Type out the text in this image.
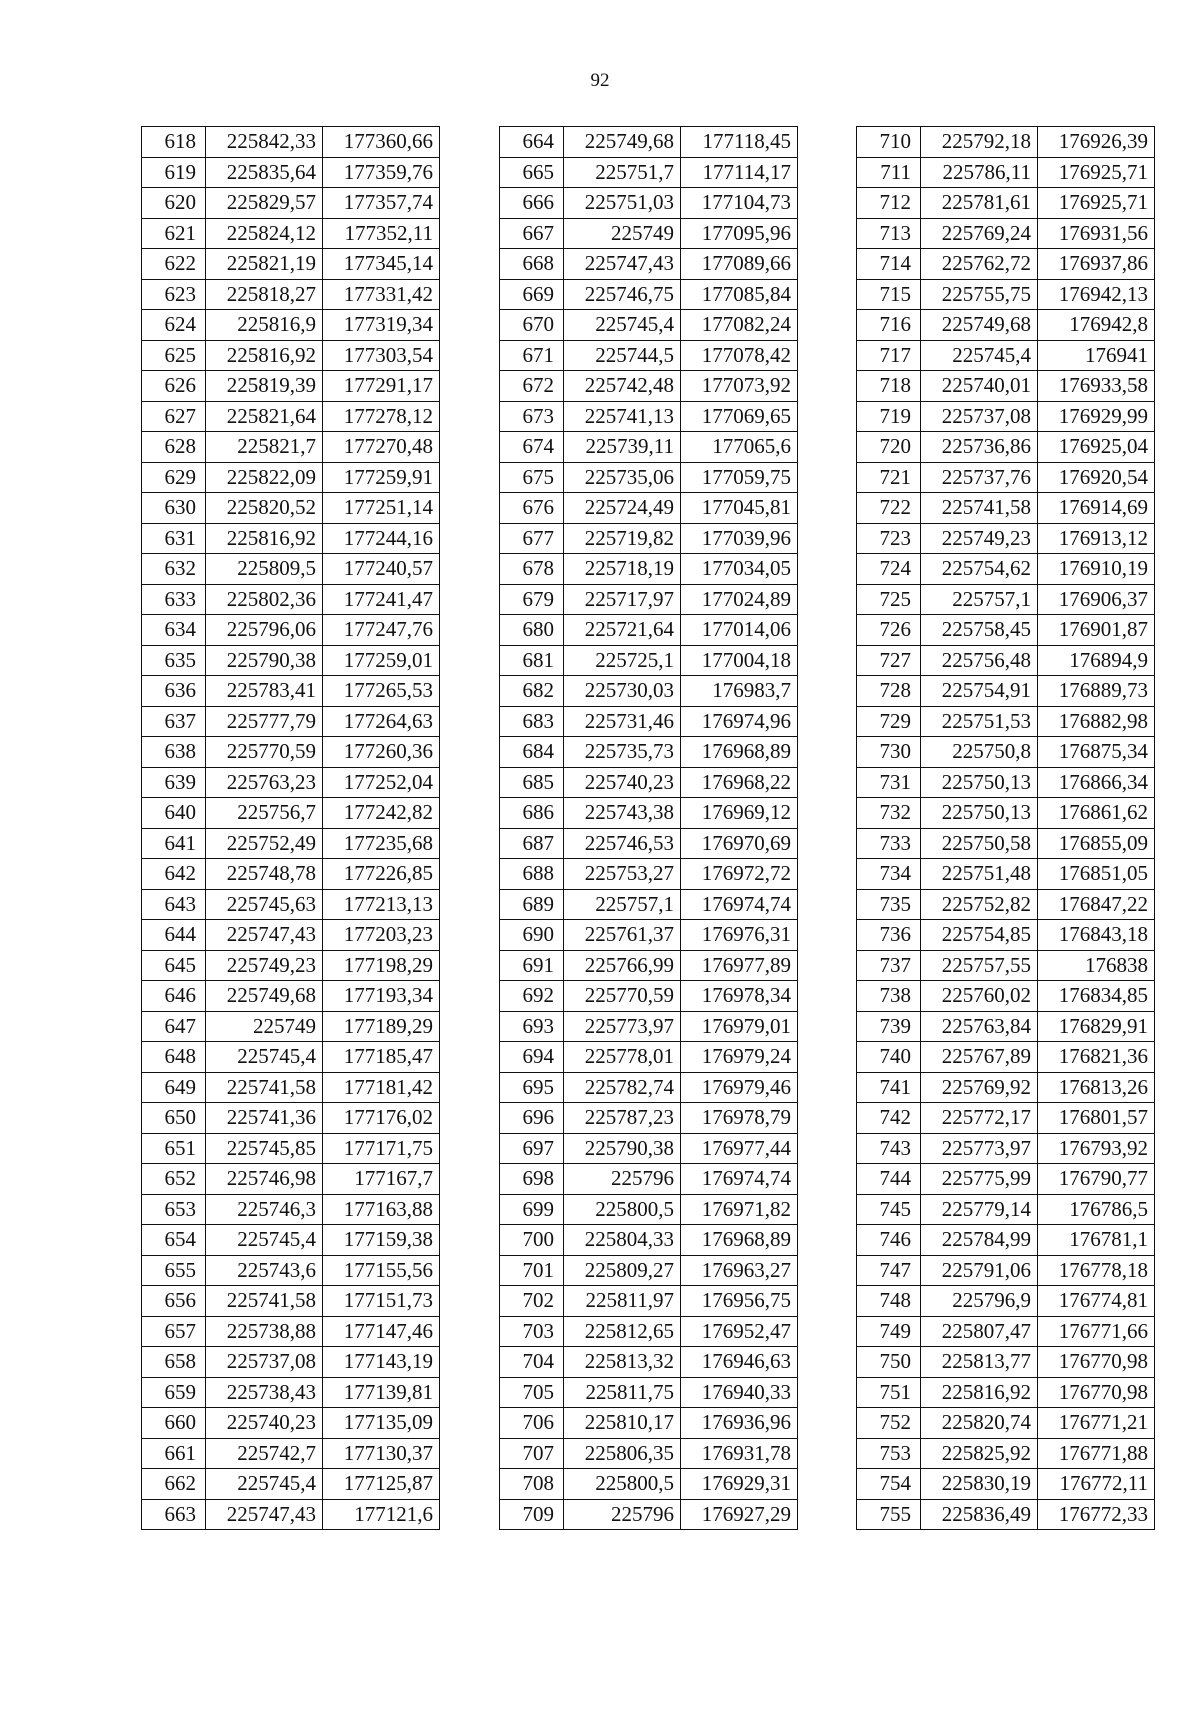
92
618	225842,33	177360,66
619	225835,64	177359,76
620	225829,57	177357,74
621	225824,12	177352,11
622	225821,19	177345,14
623	225818,27	177331,42
624	225816,9	177319,34
625	225816,92	177303,54
626	225819,39	177291,17
627	225821,64	177278,12
628	225821,7	177270,48
629	225822,09	177259,91
630	225820,52	177251,14
631	225816,92	177244,16
632	225809,5	177240,57
633	225802,36	177241,47
634	225796,06	177247,76
635	225790,38	177259,01
636	225783,41	177265,53
637	225777,79	177264,63
638	225770,59	177260,36
639	225763,23	177252,04
640	225756,7	177242,82
641	225752,49	177235,68
642	225748,78	177226,85
643	225745,63	177213,13
644	225747,43	177203,23
645	225749,23	177198,29
646	225749,68	177193,34
647	225749	177189,29
648	225745,4	177185,47
649	225741,58	177181,42
650	225741,36	177176,02
651	225745,85	177171,75
652	225746,98	177167,7
653	225746,3	177163,88
654	225745,4	177159,38
655	225743,6	177155,56
656	225741,58	177151,73
657	225738,88	177147,46
658	225737,08	177143,19
659	225738,43	177139,81
660	225740,23	177135,09
661	225742,7	177130,37
662	225745,4	177125,87
663	225747,43	177121,6
664	225749,68	177118,45
665	225751,7	177114,17
666	225751,03	177104,73
667	225749	177095,96
668	225747,43	177089,66
669	225746,75	177085,84
670	225745,4	177082,24
671	225744,5	177078,42
672	225742,48	177073,92
673	225741,13	177069,65
674	225739,11	177065,6
675	225735,06	177059,75
676	225724,49	177045,81
677	225719,82	177039,96
678	225718,19	177034,05
679	225717,97	177024,89
680	225721,64	177014,06
681	225725,1	177004,18
682	225730,03	176983,7
683	225731,46	176974,96
684	225735,73	176968,89
685	225740,23	176968,22
686	225743,38	176969,12
687	225746,53	176970,69
688	225753,27	176972,72
689	225757,1	176974,74
690	225761,37	176976,31
691	225766,99	176977,89
692	225770,59	176978,34
693	225773,97	176979,01
694	225778,01	176979,24
695	225782,74	176979,46
696	225787,23	176978,79
697	225790,38	176977,44
698	225796	176974,74
699	225800,5	176971,82
700	225804,33	176968,89
701	225809,27	176963,27
702	225811,97	176956,75
703	225812,65	176952,47
704	225813,32	176946,63
705	225811,75	176940,33
706	225810,17	176936,96
707	225806,35	176931,78
708	225800,5	176929,31
709	225796	176927,29
710	225792,18	176926,39
711	225786,11	176925,71
712	225781,61	176925,71
713	225769,24	176931,56
714	225762,72	176937,86
715	225755,75	176942,13
716	225749,68	176942,8
717	225745,4	176941
718	225740,01	176933,58
719	225737,08	176929,99
720	225736,86	176925,04
721	225737,76	176920,54
722	225741,58	176914,69
723	225749,23	176913,12
724	225754,62	176910,19
725	225757,1	176906,37
726	225758,45	176901,87
727	225756,48	176894,9
728	225754,91	176889,73
729	225751,53	176882,98
730	225750,8	176875,34
731	225750,13	176866,34
732	225750,13	176861,62
733	225750,58	176855,09
734	225751,48	176851,05
735	225752,82	176847,22
736	225754,85	176843,18
737	225757,55	176838
738	225760,02	176834,85
739	225763,84	176829,91
740	225767,89	176821,36
741	225769,92	176813,26
742	225772,17	176801,57
743	225773,97	176793,92
744	225775,99	176790,77
745	225779,14	176786,5
746	225784,99	176781,1
747	225791,06	176778,18
748	225796,9	176774,81
749	225807,47	176771,66
750	225813,77	176770,98
751	225816,92	176770,98
752	225820,74	176771,21
753	225825,92	176771,88
754	225830,19	176772,11
755	225836,49	176772,33
